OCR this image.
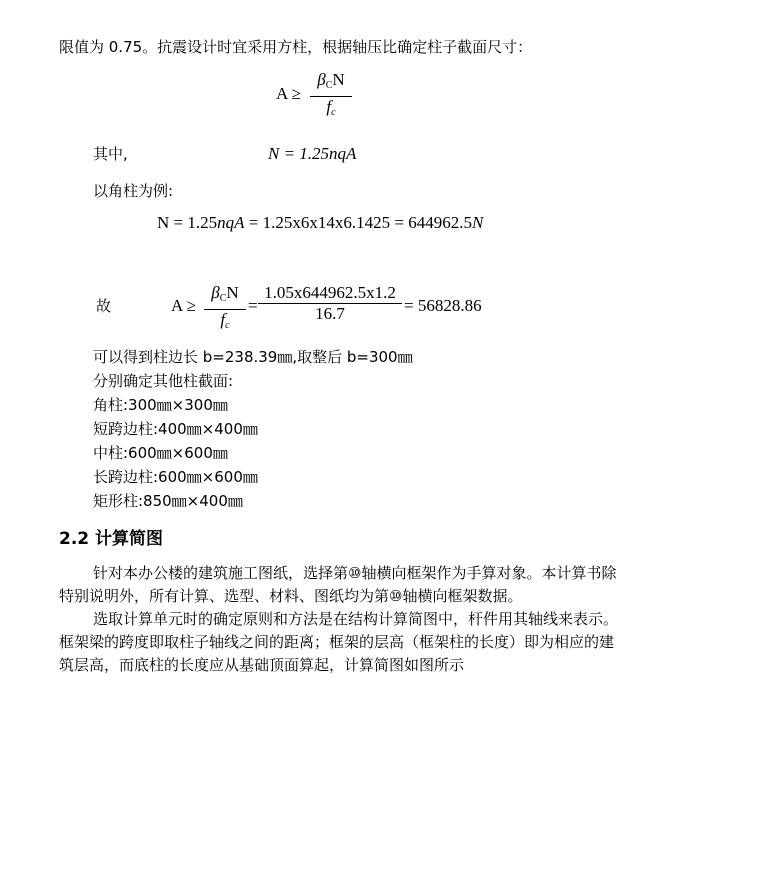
限值为 0.75。抗震设计时宜采用方柱，根据轴压比确定柱子截面尺寸：
A ≥
$\beta_CN$
fc
其中,	N = 1.25nqA
以角柱为例:
N = 1.25nqA = 1.25x6x14x6.1425 = 644962.5N
故	A ≥
$\beta_CN$
fc
=
1.05x644962.5x1.2
16.7	= 56828.86
可以得到柱边长 b=238.39㎜,取整后 b=300㎜
分别确定其他柱截面:
角柱:300㎜×300㎜
短跨边柱:400㎜×400㎜
中柱:600㎜×600㎜
长跨边柱:600㎜×600㎜
矩形柱:850㎜×400㎜
2.2 计算简图
针对本办公楼的建筑施工图纸，选择第⑩轴横向框架作为手算对象。本计算书除
特别说明外，所有计算、选型、材料、图纸均为第⑩轴横向框架数据。
选取计算单元时的确定原则和方法是在结构计算简图中，杆件用其轴线来表示。
框架梁的跨度即取柱子轴线之间的距离；框架的层高（框架柱的长度）即为相应的建
筑层高，而底柱的长度应从基础顶面算起，计算简图如图所示
